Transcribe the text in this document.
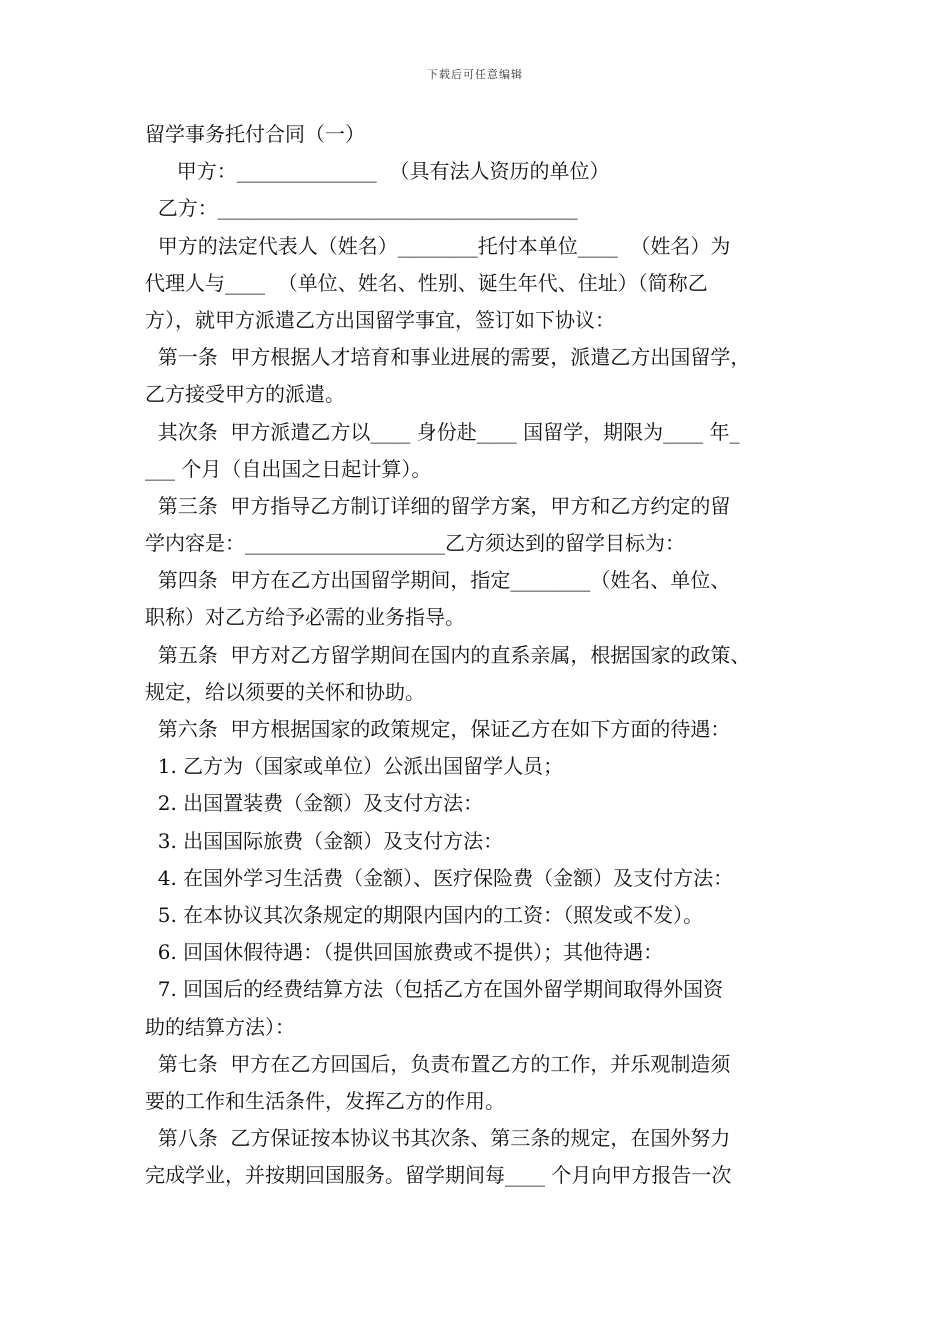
下载后可任意编辑
留学事务托付合同（一）
甲方：______________  （具有法人资历的单位）
乙方：____________________________________
甲方的法定代表人（姓名）________托付本单位____  （姓名）为
代理人与____  （单位、姓名、性别、诞生年代、住址）（简称乙
方），就甲方派遣乙方出国留学事宜，签订如下协议：
第一条  甲方根据人才培育和事业进展的需要，派遣乙方出国留学，
乙方接受甲方的派遣。
其次条  甲方派遣乙方以____ 身份赴____ 国留学，期限为____ 年_
___ 个月（自出国之日起计算）。
第三条  甲方指导乙方制订详细的留学方案，甲方和乙方约定的留
学内容是：____________________乙方须达到的留学目标为：
第四条  甲方在乙方出国留学期间，指定________（姓名、单位、
职称）对乙方给予必需的业务指导。
第五条  甲方对乙方留学期间在国内的直系亲属，根据国家的政策、
规定，给以须要的关怀和协助。
第六条  甲方根据国家的政策规定，保证乙方在如下方面的待遇：
1. 乙方为（国家或单位）公派出国留学人员；
2. 出国置装费（金额）及支付方法：
3. 出国国际旅费（金额）及支付方法：
4. 在国外学习生活费（金额）、医疗保险费（金额）及支付方法：
5. 在本协议其次条规定的期限内国内的工资：（照发或不发）。
6. 回国休假待遇：（提供回国旅费或不提供）；其他待遇：
7. 回国后的经费结算方法（包括乙方在国外留学期间取得外国资
助的结算方法）：
第七条  甲方在乙方回国后，负责布置乙方的工作，并乐观制造须
要的工作和生活条件，发挥乙方的作用。
第八条  乙方保证按本协议书其次条、第三条的规定，在国外努力
完成学业，并按期回国服务。留学期间每____ 个月向甲方报告一次
